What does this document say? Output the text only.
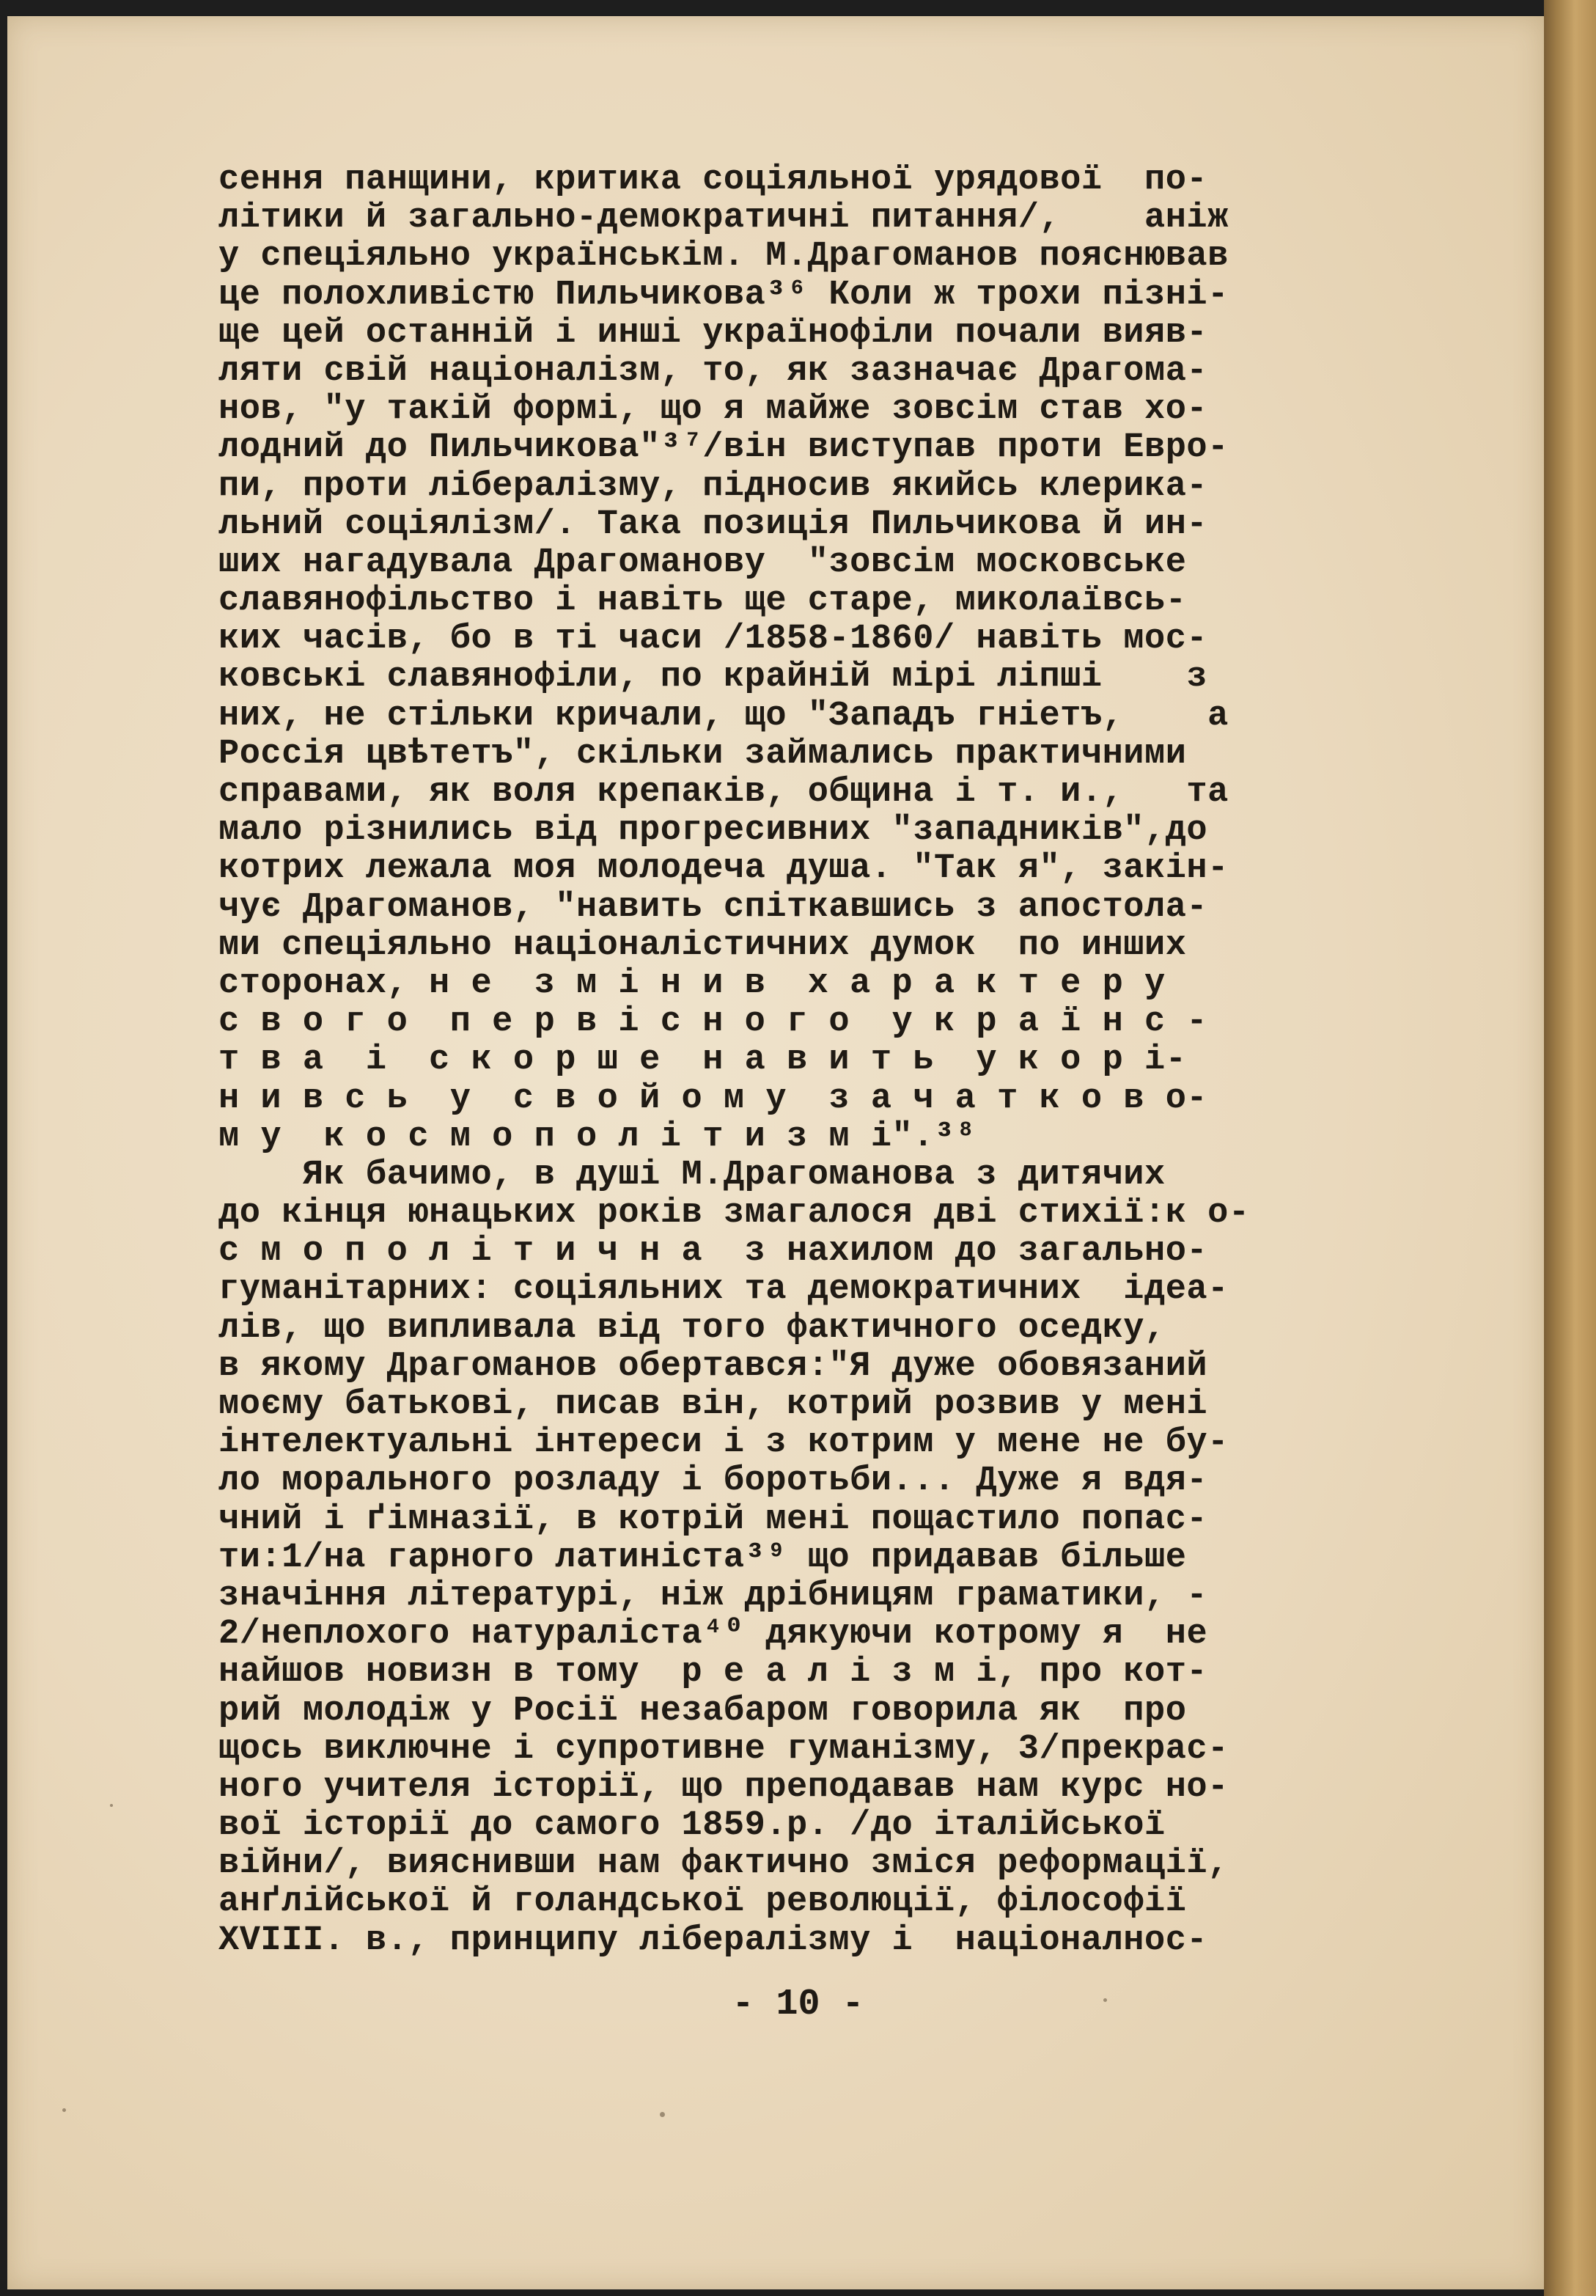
сення панщини, критика соціяльної урядової  по-
літики й загально-демократичні питання/,    аніж
у спеціяльно українськім. М.Драгоманов пояснював
це полохливістю Пильчикова³⁶ Коли ж трохи пізні-
ще цей останній і инші українофіли почали вияв-
ляти свій націоналізм, то, як зазначає Драгома-
нов, "у такій формі, що я майже зовсім став хо-
лодний до Пильчикова"³⁷/він виступав проти Евро-
пи, проти лібералізму, підносив якийсь клерика-
льний соціялізм/. Така позиція Пильчикова й ин-
ших нагадувала Драгоманову  "зовсім московське
славянофільство і навіть ще старе, миколаївсь-
ких часів, бо в ті часи /1858-1860/ навіть мос-
ковські славянофіли, по крайній мірі ліпші    з
них, не стільки кричали, що "Западъ гніетъ,    а
Россія цвѣтетъ", скільки займались практичними
справами, як воля крепаків, община і т. и.,   та
мало різнились від прогресивних "западників",до
котрих лежала моя молодеча душа. "Так я", закін-
чує Драгоманов, "навить спіткавшись з апостола-
ми спеціяльно націоналістичних думок  по инших
сторонах, н е  з м і н и в  х а р а к т е р у
с в о г о  п е р в і с н о г о  у к р а ї н с -
т в а  і  с к о р ш е  н а в и т ь  у к о р і-
н и в с ь  у  с в о й о м у  з а ч а т к о в о-
м у  к о с м о п о л і т и з м і".³⁸
Як бачимо, в душі М.Драгоманова з дитячих
до кінця юнацьких років змагалося дві стихії:к о-
с м о п о л і т и ч н а  з нахилом до загально-
гуманітарних: соціяльних та демократичних  ідеа-
лів, що випливала від того фактичного оседку,
в якому Драгоманов обертався:"Я дуже обовязаний
моєму батькові, писав він, котрий розвив у мені
інтелектуальні інтереси і з котрим у мене не бу-
ло морального розладу і боротьби... Дуже я вдя-
чний і ґімназії, в котрій мені пощастило попас-
ти:1/на гарного латиніста³⁹ що придавав більше
значіння літературі, ніж дрібницям граматики, -
2/неплохого натураліста⁴⁰ дякуючи котрому я  не
найшов новизн в тому  р е а л і з м і, про кот-
рий молодіж у Росії незабаром говорила як  про
щось виключне і супротивне гуманізму, 3/прекрас-
ного учителя історії, що преподавав нам курс но-
вої історії до самого 1859.р. /до італійської
війни/, вияснивши нам фактично зміся реформації,
анґлійської й голандської революції, філософії
XVIII. в., принципу лібералізму і  націоналнос-
- 10 -
